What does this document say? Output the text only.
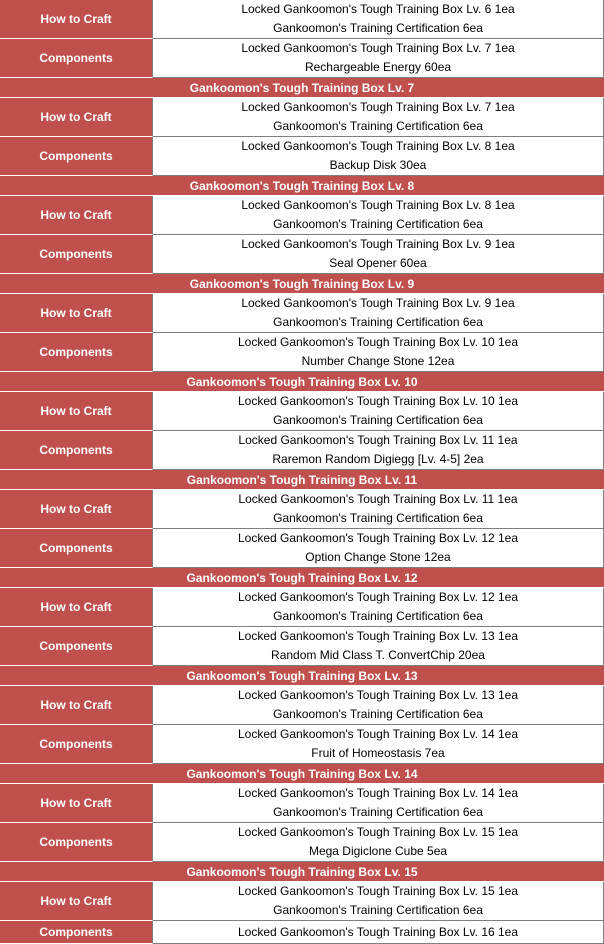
How to Craft
Locked Gankoomon's Tough Training Box Lv. 6 1ea
Gankoomon's Training Certification 6ea
Components
Locked Gankoomon's Tough Training Box Lv. 7 1ea
Rechargeable Energy 60ea
Gankoomon's Tough Training Box Lv. 7
How to Craft
Locked Gankoomon's Tough Training Box Lv. 7 1ea
Gankoomon's Training Certification 6ea
Components
Locked Gankoomon's Tough Training Box Lv. 8 1ea
Backup Disk 30ea
Gankoomon's Tough Training Box Lv. 8
How to Craft
Locked Gankoomon's Tough Training Box Lv. 8 1ea
Gankoomon's Training Certification 6ea
Components
Locked Gankoomon's Tough Training Box Lv. 9 1ea
Seal Opener 60ea
Gankoomon's Tough Training Box Lv. 9
How to Craft
Locked Gankoomon's Tough Training Box Lv. 9 1ea
Gankoomon's Training Certification 6ea
Components
Locked Gankoomon's Tough Training Box Lv. 10 1ea
Number Change Stone 12ea
Gankoomon's Tough Training Box Lv. 10
How to Craft
Locked Gankoomon's Tough Training Box Lv. 10 1ea
Gankoomon's Training Certification 6ea
Components
Locked Gankoomon's Tough Training Box Lv. 11 1ea
Raremon Random Digiegg [Lv. 4-5] 2ea
Gankoomon's Tough Training Box Lv. 11
How to Craft
Locked Gankoomon's Tough Training Box Lv. 11 1ea
Gankoomon's Training Certification 6ea
Components
Locked Gankoomon's Tough Training Box Lv. 12 1ea
Option Change Stone 12ea
Gankoomon's Tough Training Box Lv. 12
How to Craft
Locked Gankoomon's Tough Training Box Lv. 12 1ea
Gankoomon's Training Certification 6ea
Components
Locked Gankoomon's Tough Training Box Lv. 13 1ea
Random Mid Class T. ConvertChip 20ea
Gankoomon's Tough Training Box Lv. 13
How to Craft
Locked Gankoomon's Tough Training Box Lv. 13 1ea
Gankoomon's Training Certification 6ea
Components
Locked Gankoomon's Tough Training Box Lv. 14 1ea
Fruit of Homeostasis 7ea
Gankoomon's Tough Training Box Lv. 14
How to Craft
Locked Gankoomon's Tough Training Box Lv. 14 1ea
Gankoomon's Training Certification 6ea
Components
Locked Gankoomon's Tough Training Box Lv. 15 1ea
Mega Digiclone Cube 5ea
Gankoomon's Tough Training Box Lv. 15
How to Craft
Locked Gankoomon's Tough Training Box Lv. 15 1ea
Gankoomon's Training Certification 6ea
Components	Locked Gankoomon's Tough Training Box Lv. 16 1ea
